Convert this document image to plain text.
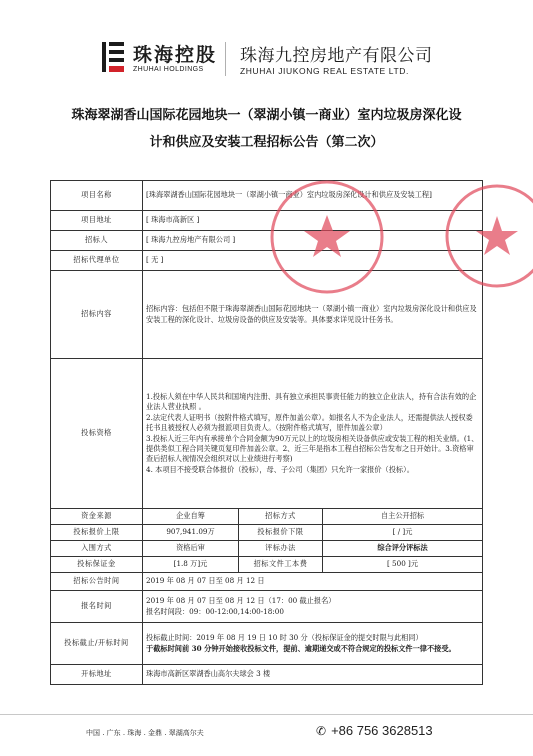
珠海控股
ZHUHAI HOLDINGS
珠海九控房地产有限公司
ZHUHAI JIUKONG REAL ESTATE LTD.
珠海翠湖香山国际花园地块一（翠湖小镇一商业）室内垃圾房深化设
计和供应及安装工程招标公告（第二次）
项目名称	[珠海翠湖香山国际花园地块一（翠湖小镇一商业）室内垃圾房深化设计和供应及安装工程]		
项目地址	[ 珠海市高新区 ]		
招标人	[ 珠海九控房地产有限公司 ]		
招标代理单位	[ 无 ]		
招标内容	招标内容：包括但不限于珠海翠湖香山国际花园地块一（翠湖小镇一商业）室内垃圾房深化设计和供应及安装工程的深化设计、垃圾房设备的供应及安装等。具体要求详见设计任务书。		
投标资格	1.投标人须在中华人民共和国境内注册、具有独立承担民事责任能力的独立企业法人，持有合法有效的企业法人营业执照 。
2.法定代表人证明书（按附件格式填写，原件加盖公章）。如报名人不为企业法人，还需提供法人授权委托书且被授权人必须为报派项目负责人。（按附件格式填写，原件加盖公章）
3.投标人近三年内有承接单个合同金额为90万元以上的垃圾房相关设备供应或安装工程的相关业绩。(1、提供类似工程合同关键页复印件加盖公章。2、近三年是指本工程自招标公告发布之日开始计。3.资格审查后招标人视情况会组织对以上业绩进行考察)
4. 本项目不接受联合体报价（投标），母、子公司（集团）只允许一家报价（投标）。		

资金来源	企业自筹	招标方式	自主公开招标
投标报价上限	907,941.09万	投标报价下限	[ / ]元
入围方式	资格后审	评标办法	综合评分评标法
投标保证金	[1.8 万]元	招标文件工本费	[ 500 ]元
招标公告时间	2019 年 08 月 07 日至 08 月 12 日		
报名时间	2019 年 08 月 07 日至 08 月 12 日（17：00 截止报名）
报名时间段：09：00-12:00,14:00-18:00		

投标截止/开标时间	投标截止时间：2019 年 08 月 19 日 10 时 30 分（投标保证金的提交时限与此相同）
于截标时间前 30 分钟开始接收投标文件，提前、逾期递交或不符合规定的投标文件一律不接受。		

开标地址	珠海市高新区翠湖香山高尔夫球会 3 楼		
中国 . 广东 . 珠海 . 金鼎 . 翠湖高尔夫	✆ +86 756 3628513
